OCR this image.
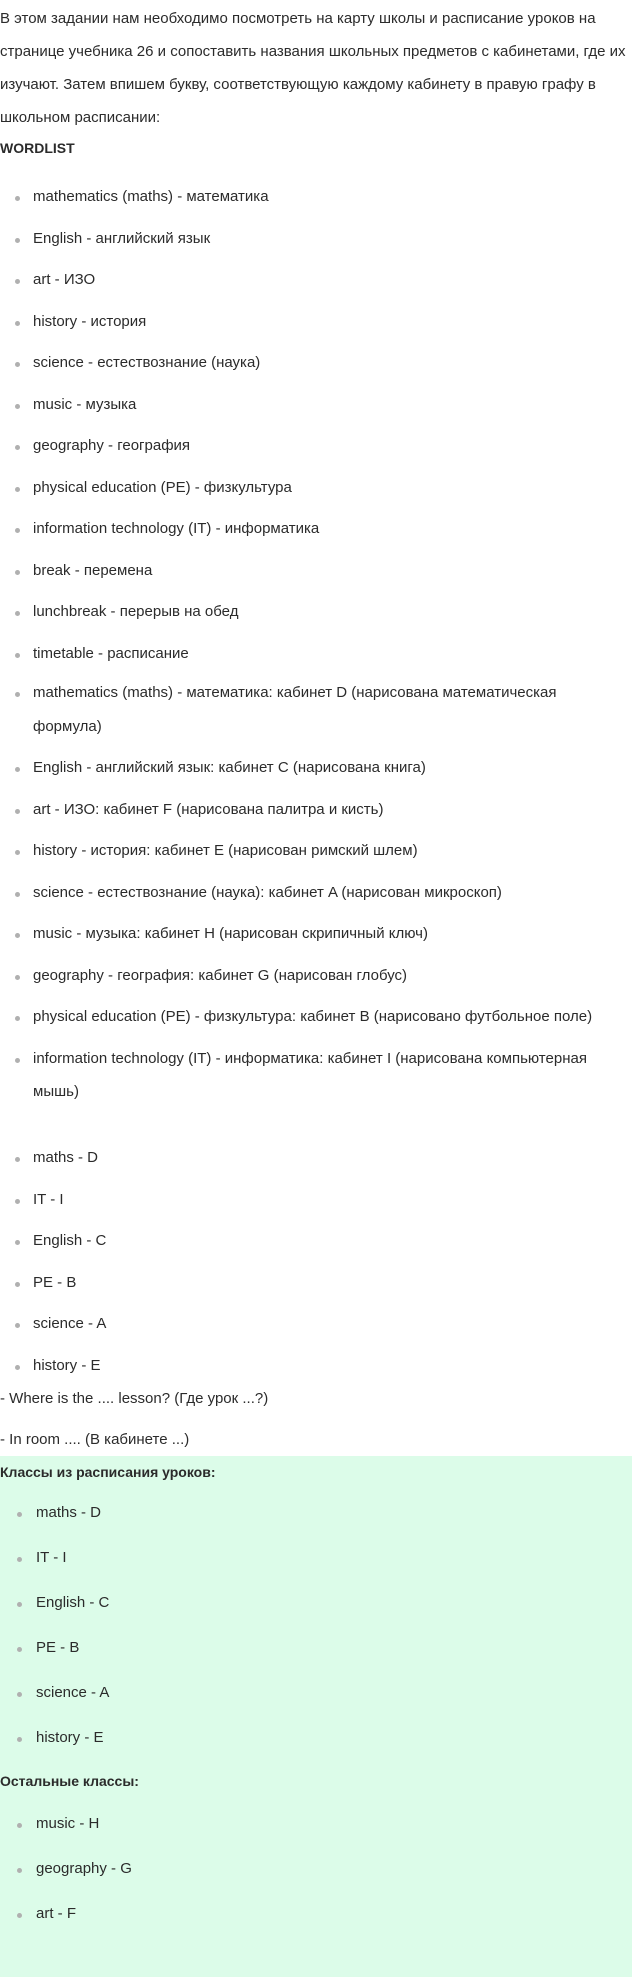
В этом задании нам необходимо посмотреть на карту школы и расписание уроков на странице учебника 26 и сопоставить названия школьных предметов с кабинетами, где их изучают. Затем впишем букву, соответствующую каждому кабинету в правую графу в школьном расписании:

WORDLIST
mathematics (maths) - математика
English - английский язык
art - ИЗО
history - история
science - естествознание (наука)
music - музыка
geography - география
physical education (PE) - физкультура
information technology (IT) - информатика
break - перемена
lunchbreak - перерыв на обед
timetable - расписание
mathematics (maths) - математика: кабинет D (нарисована математическая формула)
English - английский язык: кабинет C (нарисована книга)
art - ИЗО: кабинет F (нарисована палитра и кисть)
history - история: кабинет E (нарисован римский шлем)
science - естествознание (наука): кабинет A (нарисован микроскоп)
music - музыка: кабинет H (нарисован скрипичный ключ)
geography - география: кабинет G (нарисован глобус)
physical education (PE) - физкультура: кабинет B (нарисовано футбольное поле)
information technology (IT) - информатика: кабинет I (нарисована компьютерная мышь)
maths - D
IT - I
English - C
PE - B
science - A
history - E
- Where is the .... lesson? (Где урок ...?)
- In room .... (В кабинете ...)
Классы из расписания уроков:
maths - D
IT - I
English - C
PE - B
science - A
history - E
Остальные классы:
music - H
geography - G
art - F
